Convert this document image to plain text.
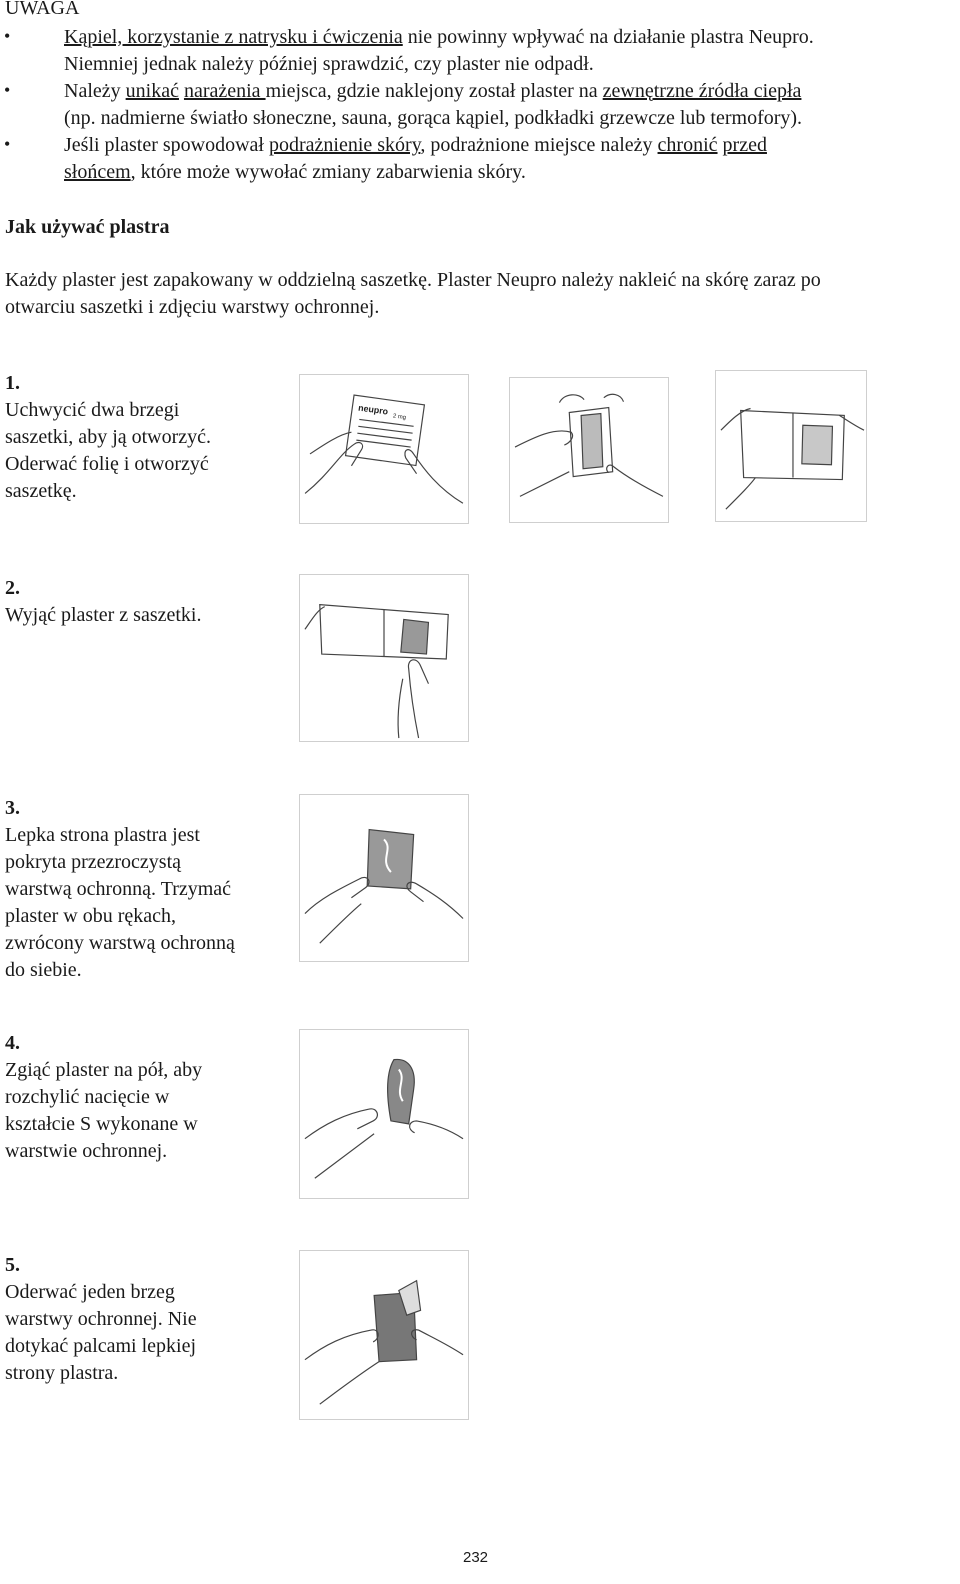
UWAGA
•	Kąpiel, korzystanie z natrysku i ćwiczenia nie powinny wpływać na działanie plastra Neupro.
Niemniej jednak należy później sprawdzić, czy plaster nie odpadł.
•	Należy unikać narażenia miejsca, gdzie naklejony został plaster na zewnętrzne źródła ciepła
(np. nadmierne światło słoneczne, sauna, gorąca kąpiel, podkładki grzewcze lub termofory).
•	Jeśli plaster spowodował podrażnienie skóry, podrażnione miejsce należy chronić przed
słońcem, które może wywołać zmiany zabarwienia skóry.
Jak używać plastra
Każdy plaster jest zapakowany w oddzielną saszetkę. Plaster Neupro należy nakleić na skórę zaraz po
otwarciu saszetki i zdjęciu warstwy ochronnej.
1.
Uchwycić dwa brzegi
saszetki, aby ją otworzyć.
Oderwać folię i otworzyć
saszetkę.
neupro
2 mg
2.
Wyjąć plaster z saszetki.
3.
Lepka strona plastra jest
pokryta przezroczystą
warstwą ochronną. Trzymać
plaster w obu rękach,
zwrócony warstwą ochronną
do siebie.
4.
Zgiąć plaster na pół, aby
rozchylić nacięcie w
kształcie S wykonane w
warstwie ochronnej.
5.
Oderwać jeden brzeg
warstwy ochronnej. Nie
dotykać palcami lepkiej
strony plastra.
232
